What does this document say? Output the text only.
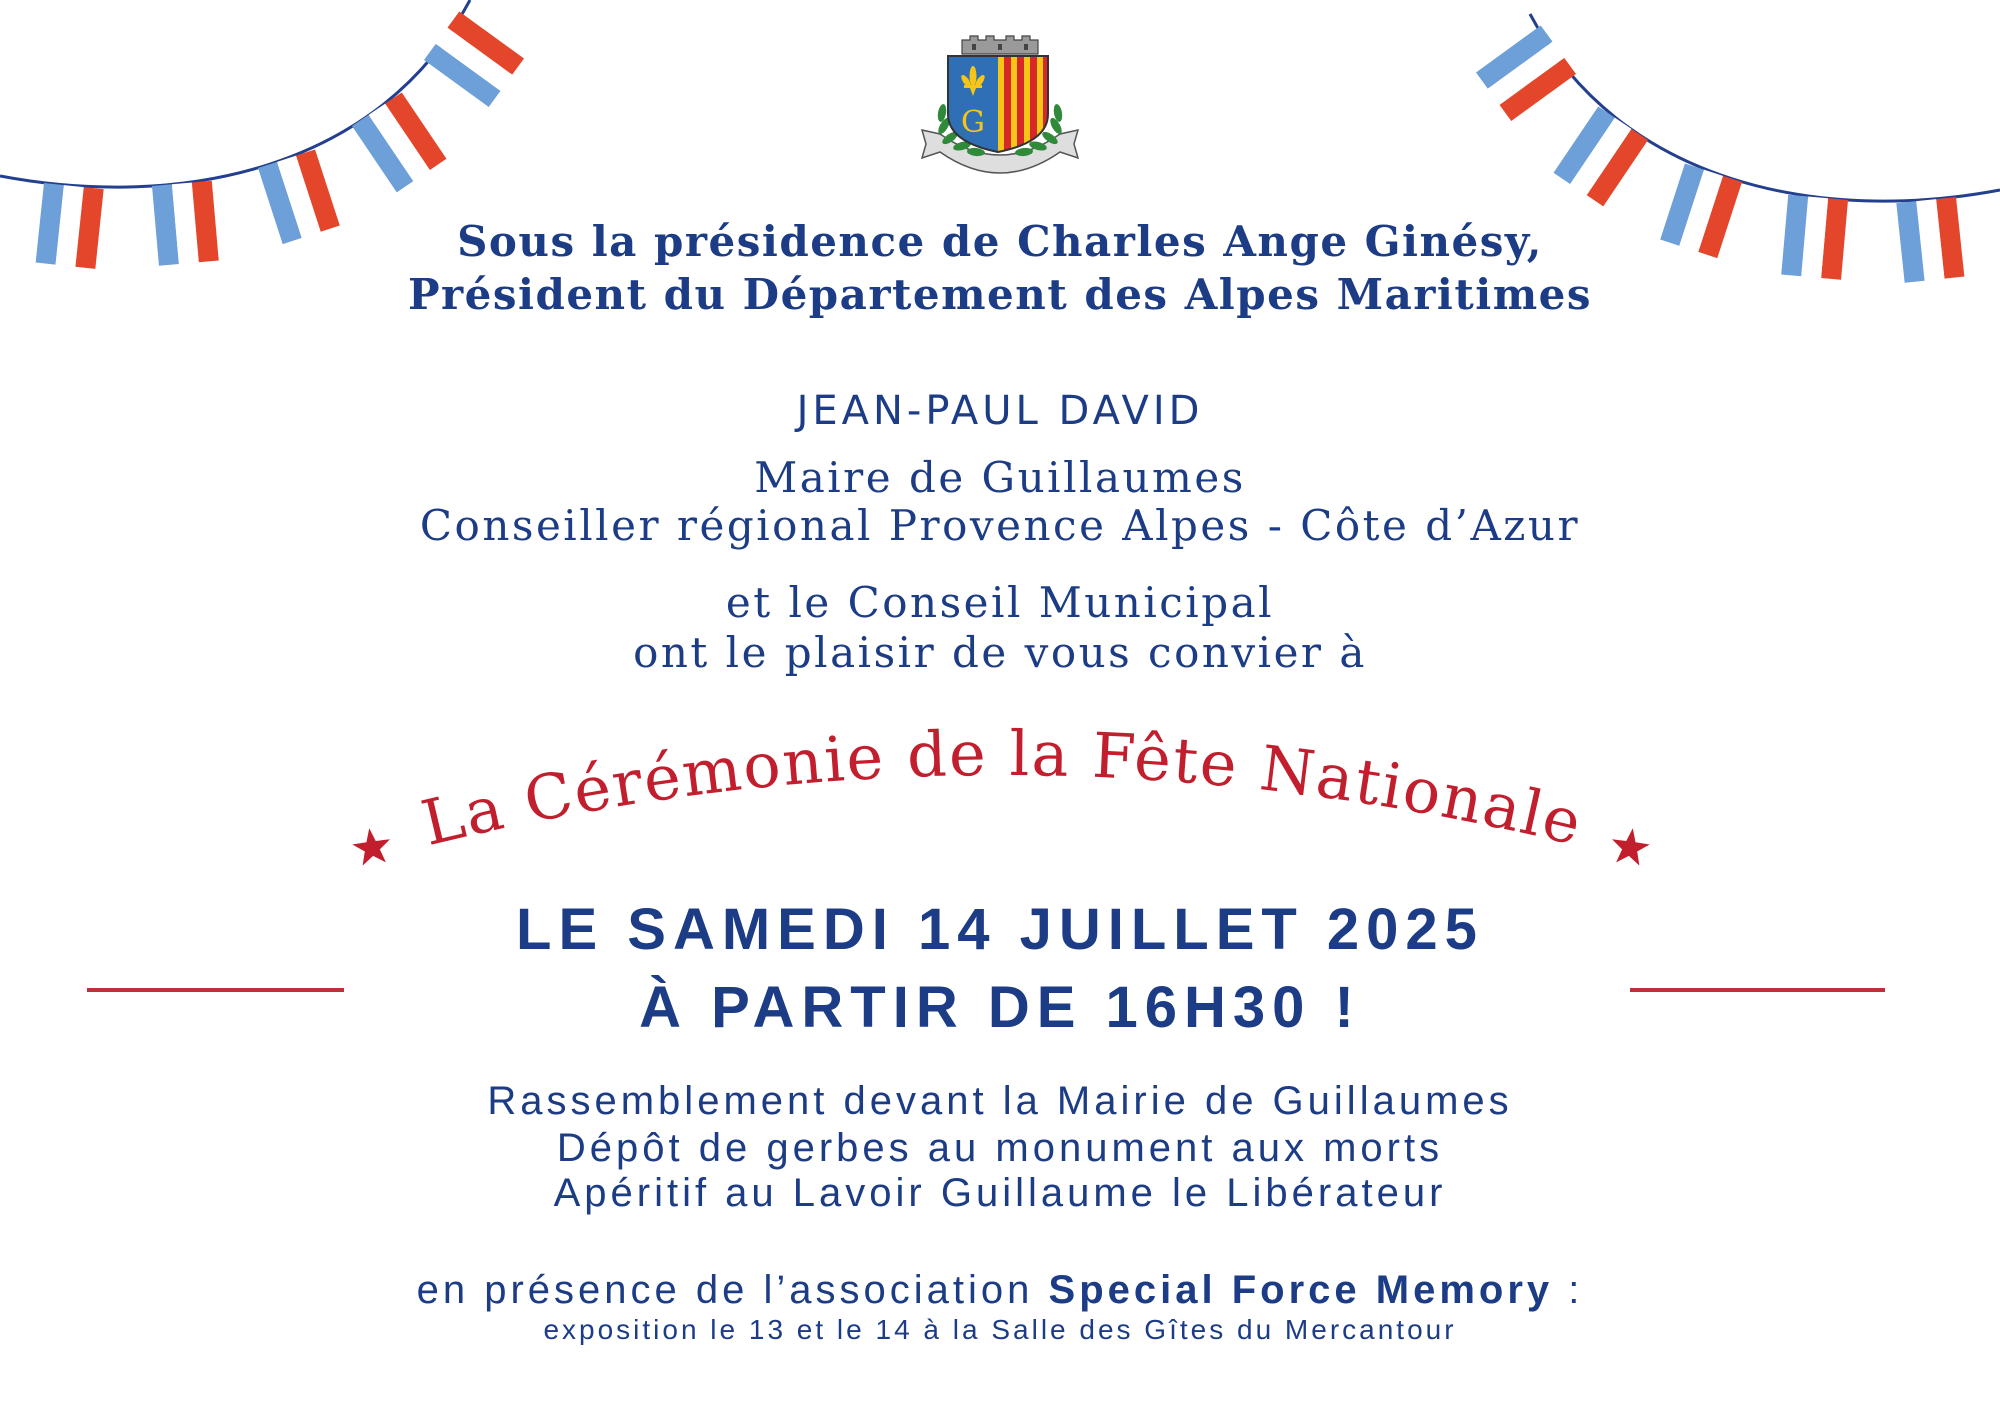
G
Sous la présidence de Charles Ange Ginésy,
Président du Département des Alpes Maritimes
JEAN-PAUL DAVID
Maire de Guillaumes
Conseiller régional Provence Alpes - Côte d’Azur
et le Conseil Municipal
ont le plaisir de vous convier à
La Cérémonie de la Fête Nationale
LE SAMEDI 14 JUILLET 2025
À PARTIR DE 16H30 !
Rassemblement devant la Mairie de Guillaumes
Dépôt de gerbes au monument aux morts
Apéritif au Lavoir Guillaume le Libérateur
en présence de l’association Special Force Memory :
exposition le 13 et le 14 à la Salle des Gîtes du Mercantour
